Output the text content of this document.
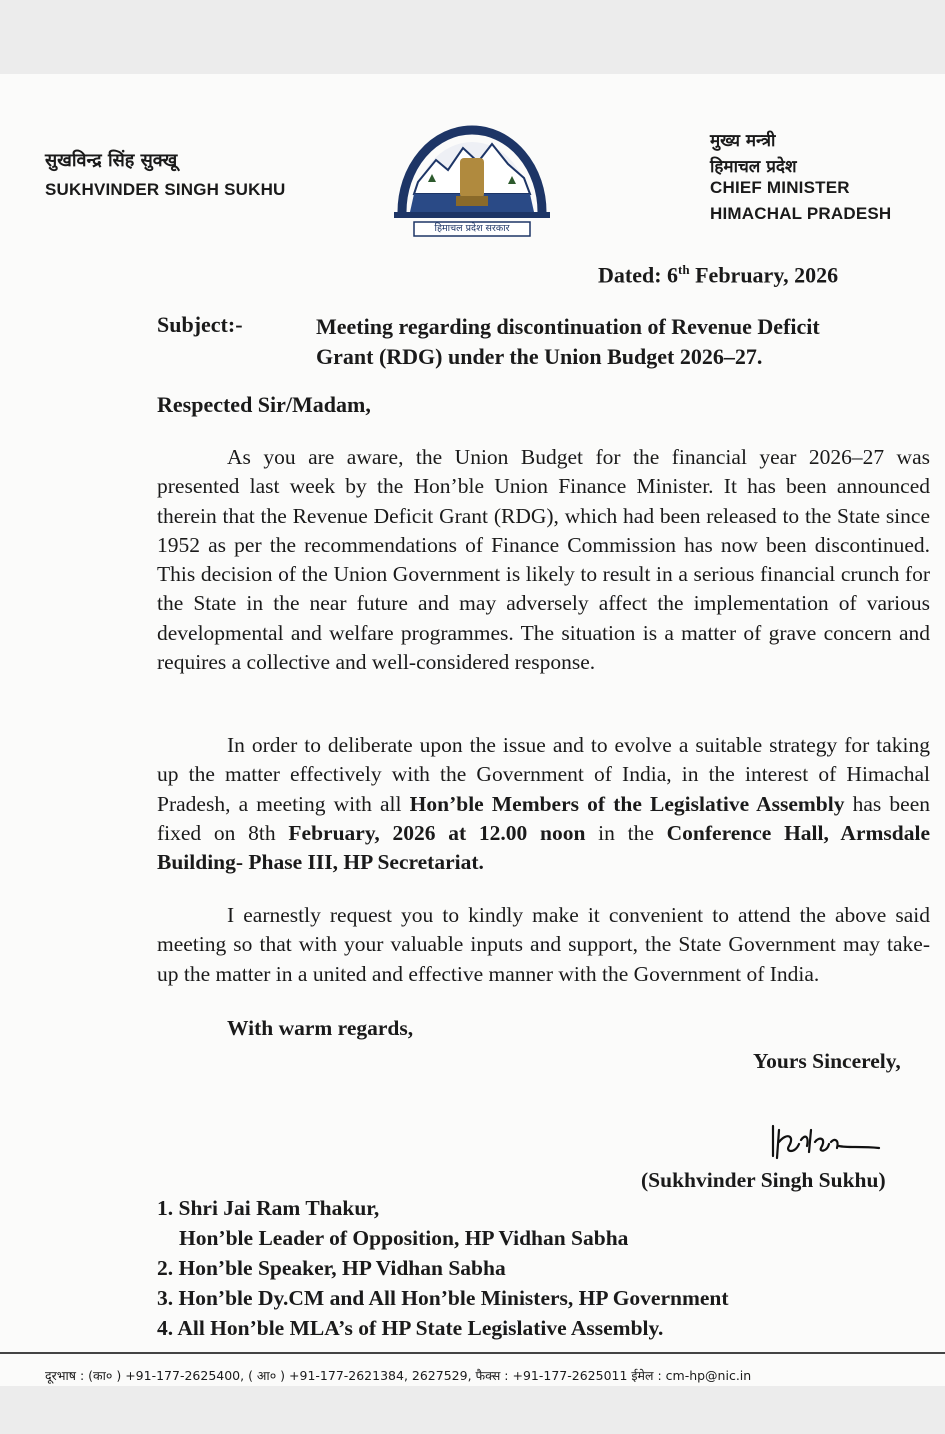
सुखविन्द्र सिंह सुक्खू
SUKHVINDER SINGH SUKHU
हिमाचल प्रदेश सरकार
मुख्य मन्त्री
हिमाचल प्रदेश
CHIEF MINISTER
HIMACHAL PRADESH
Dated: 6th February, 2026
Subject:-	Meeting regarding discontinuation of Revenue Deficit
Grant (RDG) under the Union Budget 2026–27.
Respected Sir/Madam,
As you are aware, the Union Budget for the financial year 2026–27 was presented last week by the Hon’ble Union Finance Minister. It has been announced therein that the Revenue Deficit Grant (RDG), which had been released to the State since 1952 as per the recommendations of Finance Commission has now been discontinued. This decision of the Union Government is likely to result in a serious financial crunch for the State in the near future and may adversely affect the implementation of various developmental and welfare programmes. The situation is a matter of grave concern and requires a collective and well-considered response.
In order to deliberate upon the issue and to evolve a suitable strategy for taking up the matter effectively with the Government of India, in the interest of Himachal Pradesh, a meeting with all Hon’ble Members of the Legislative Assembly has been fixed on 8th February, 2026 at 12.00 noon in the Conference Hall, Armsdale Building- Phase III, HP Secretariat.
I earnestly request you to kindly make it convenient to attend the above said meeting so that with your valuable inputs and support, the State Government may take- up the matter in a united and effective manner with the Government of India.
With warm regards,
Yours Sincerely,
(Sukhvinder Singh Sukhu)
1. Shri Jai Ram Thakur,
Hon’ble Leader of Opposition, HP Vidhan Sabha
2. Hon’ble Speaker, HP Vidhan Sabha
3. Hon’ble Dy.CM and All Hon’ble Ministers, HP Government
4. All Hon’ble MLA’s of HP State Legislative Assembly.
दूरभाष : (का० ) +91-177-2625400, ( आ० ) +91-177-2621384, 2627529, फैक्स : +91-177-2625011 ईमेल : cm-hp@nic.in
